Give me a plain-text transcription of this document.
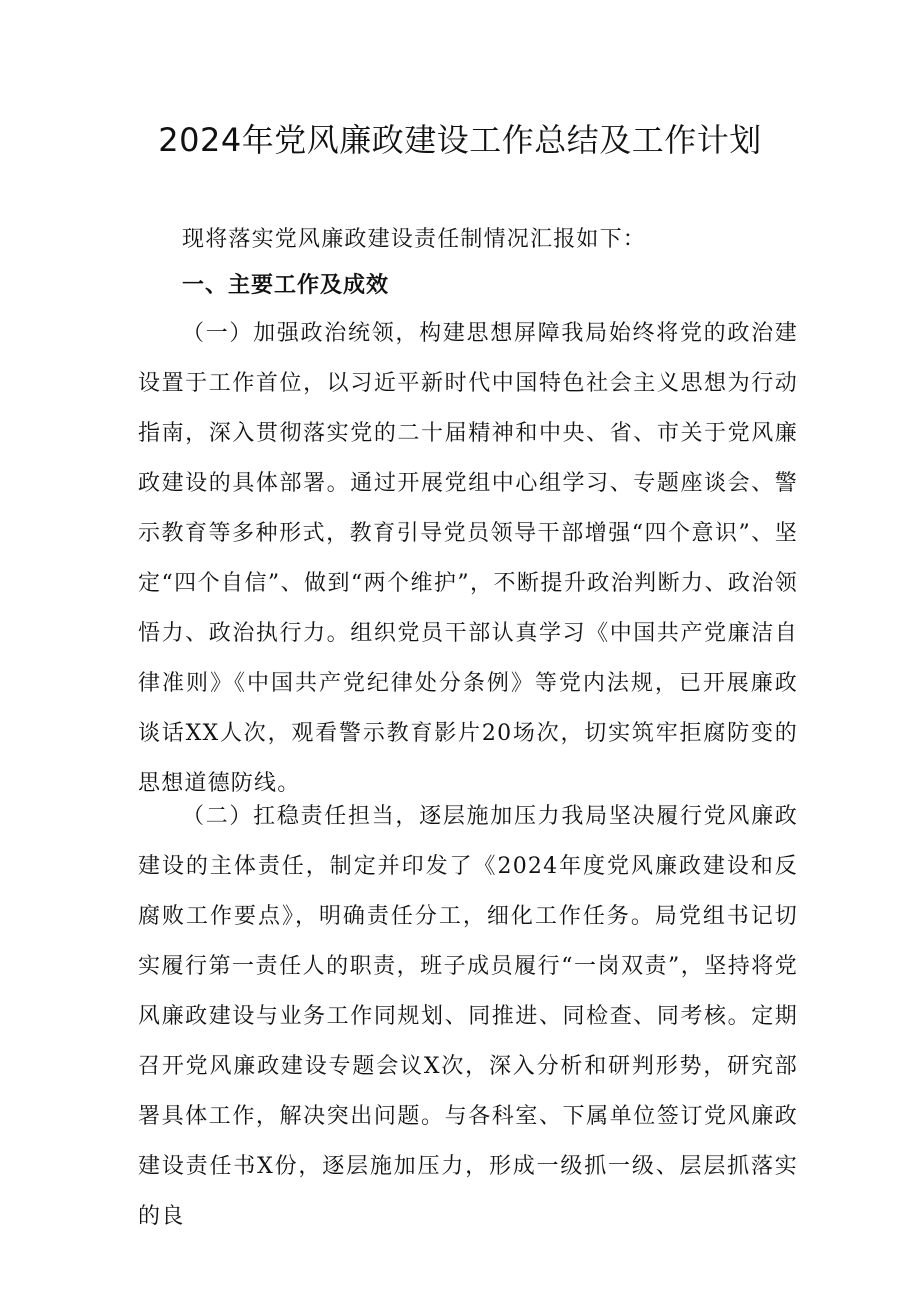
2024年党风廉政建设工作总结及工作计划
现将落实党风廉政建设责任制情况汇报如下：
一、主要工作及成效
（一）加强政治统领，构建思想屏障我局始终将党的政治建设置于工作首位，以习近平新时代中国特色社会主义思想为行动指南，深入贯彻落实党的二十届精神和中央、省、市关于党风廉政建设的具体部署。通过开展党组中心组学习、专题座谈会、警示教育等多种形式，教育引导党员领导干部增强“四个意识”、坚定“四个自信”、做到“两个维护”，不断提升政治判断力、政治领悟力、政治执行力。组织党员干部认真学习《中国共产党廉洁自律准则》《中国共产党纪律处分条例》等党内法规，已开展廉政谈话XX人次，观看警示教育影片20场次，切实筑牢拒腐防变的思想道德防线。
（二）扛稳责任担当，逐层施加压力我局坚决履行党风廉政建设的主体责任，制定并印发了《2024年度党风廉政建设和反腐败工作要点》，明确责任分工，细化工作任务。局党组书记切实履行第一责任人的职责，班子成员履行“一岗双责”，坚持将党风廉政建设与业务工作同规划、同推进、同检查、同考核。定期召开党风廉政建设专题会议X次，深入分析和研判形势，研究部署具体工作，解决突出问题。与各科室、下属单位签订党风廉政建设责任书X份，逐层施加压力，形成一级抓一级、层层抓落实的良
